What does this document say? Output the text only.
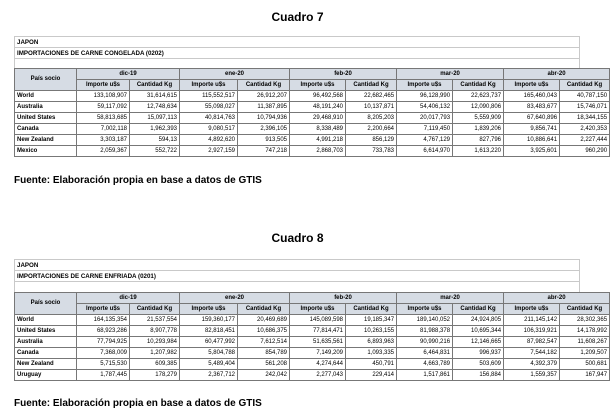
Cuadro 7
JAPON
IMPORTACIONES DE CARNE CONGELADA (0202)
País socio	dic-19		ene-20		feb-20		mar-20		abr-20	
	Importe u$s	Cantidad Kg	Importe u$s	Cantidad Kg	Importe u$s	Cantidad Kg	Importe u$s	Cantidad Kg	Importe u$s	Cantidad Kg
World	133,108,907	31,614,615	115,552,517	26,912,207	96,492,568	22,682,465	96,128,990	22,623,737	165,460,043	40,787,150
Australia	59,117,092	12,748,634	55,098,027	11,387,895	48,191,240	10,137,871	54,406,132	12,090,806	83,483,677	15,746,071
United States	58,813,685	15,097,113	40,814,763	10,794,936	29,468,910	8,205,203	20,017,793	5,559,909	67,640,896	18,344,155
Canada	7,002,118	1,962,393	9,080,517	2,396,105	8,338,489	2,200,664	7,119,450	1,839,206	9,856,741	2,420,353
New Zealand	3,303,187	594,13	4,892,620	913,505	4,991,218	856,129	4,767,129	827,796	10,886,641	2,227,444
Mexico	2,059,367	552,722	2,927,159	747,218	2,868,703	733,783	6,614,970	1,613,220	3,925,601	960,290
Fuente: Elaboración propia en base a datos de GTIS
Cuadro 8
JAPON
IMPORTACIONES DE CARNE ENFRIADA (0201)
País socio	dic-19		ene-20		feb-20		mar-20		abr-20	
	Importe u$s	Cantidad Kg	Importe u$s	Cantidad Kg	Importe u$s	Cantidad Kg	Importe u$s	Cantidad Kg	Importe u$s	Cantidad Kg
World	164,135,354	21,537,554	159,360,177	20,469,689	145,089,598	19,185,347	189,140,052	24,924,805	211,145,142	28,302,365
United States	68,923,286	8,907,778	82,818,451	10,686,375	77,814,471	10,263,155	81,988,378	10,695,344	106,319,921	14,178,992
Australia	77,794,925	10,293,984	60,477,992	7,612,514	51,635,561	6,893,963	90,990,216	12,146,665	87,982,547	11,608,267
Canada	7,368,009	1,207,982	5,804,788	854,789	7,149,209	1,093,335	6,464,831	996,937	7,544,182	1,209,507
New Zealand	5,715,530	609,385	5,489,404	561,208	4,274,644	450,791	4,663,789	503,609	4,392,379	500,681
Uruguay	1,787,445	178,279	2,367,712	242,042	2,277,043	229,414	1,517,861	156,884	1,559,357	167,947
Fuente: Elaboración propia en base a datos de GTIS
